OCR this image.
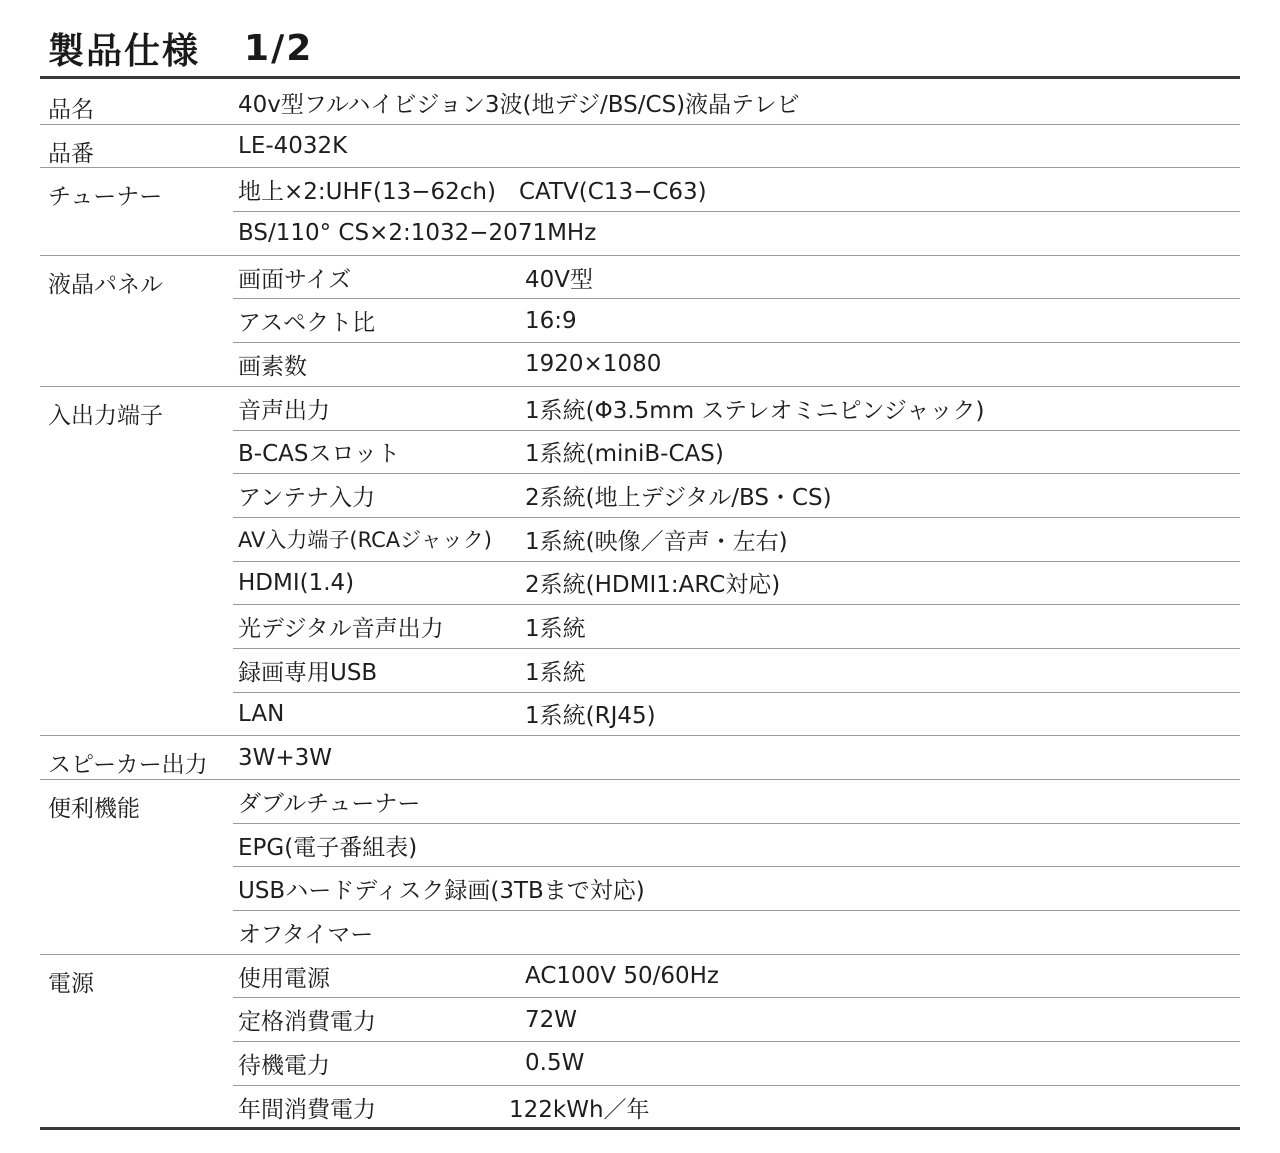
製品仕様 1/2
品名	40v型フルハイビジョン3波(地デジ/BS/CS)液晶テレビ
品番	LE-4032K
チューナー	地上×2:UHF(13−62ch)　CATV(C13−C63)
BS/110° CS×2:1032−2071MHz
液晶パネル	画面サイズ	40V型
アスペクト比	16:9
画素数	1920×1080
入出力端子	音声出力	1系統(Φ3.5mm ステレオミニピンジャック)
B-CASスロット	1系統(miniB-CAS)
アンテナ入力	2系統(地上デジタル/BS・CS)
AV入力端子(RCAジャック)	1系統(映像／音声・左右)
HDMI(1.4)	2系統(HDMI1:ARC対応)
光デジタル音声出力	1系統
録画専用USB	1系統
LAN	1系統(RJ45)
スピーカー出力	3W+3W
便利機能	ダブルチューナー
EPG(電子番組表)
USBハードディスク録画(3TBまで対応)
オフタイマー
電源	使用電源	AC100V 50/60Hz
定格消費電力	72W
待機電力	0.5W
年間消費電力	122kWh／年
